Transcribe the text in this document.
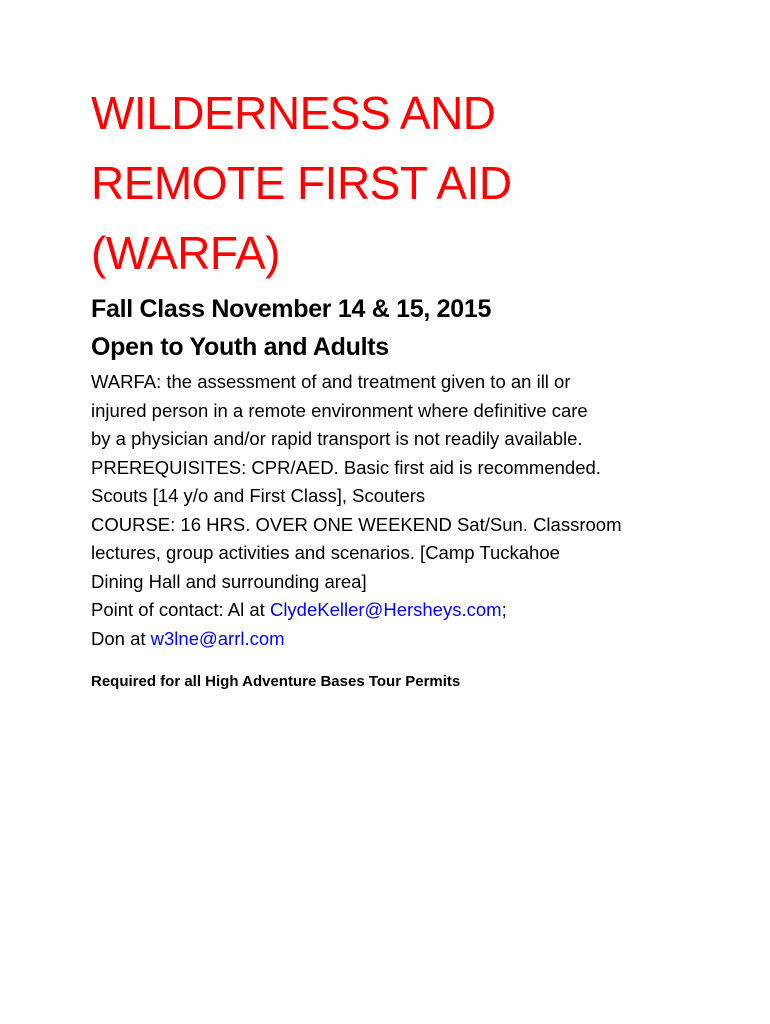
WILDERNESS AND
REMOTE FIRST AID
(WARFA)

Fall Class November 14 & 15, 2015

Open to Youth and Adults

WARFA: the assessment of and treatment given to an ill or

injured person in a remote environment where definitive care

by a physician and/or rapid transport is not readily available.

PREREQUISITES: CPR/AED. Basic first aid is recommended.

Scouts [14 y/o and First Class], Scouters

COURSE: 16 HRS. OVER ONE WEEKEND Sat/Sun. Classroom

lectures, group activities and scenarios. [Camp Tuckahoe

Dining Hall and surrounding area]

Point of contact: Al at ClydeKeller@Hersheys.com;

Don at w3lne@arrl.com

Required for all High Adventure Bases Tour Permits
